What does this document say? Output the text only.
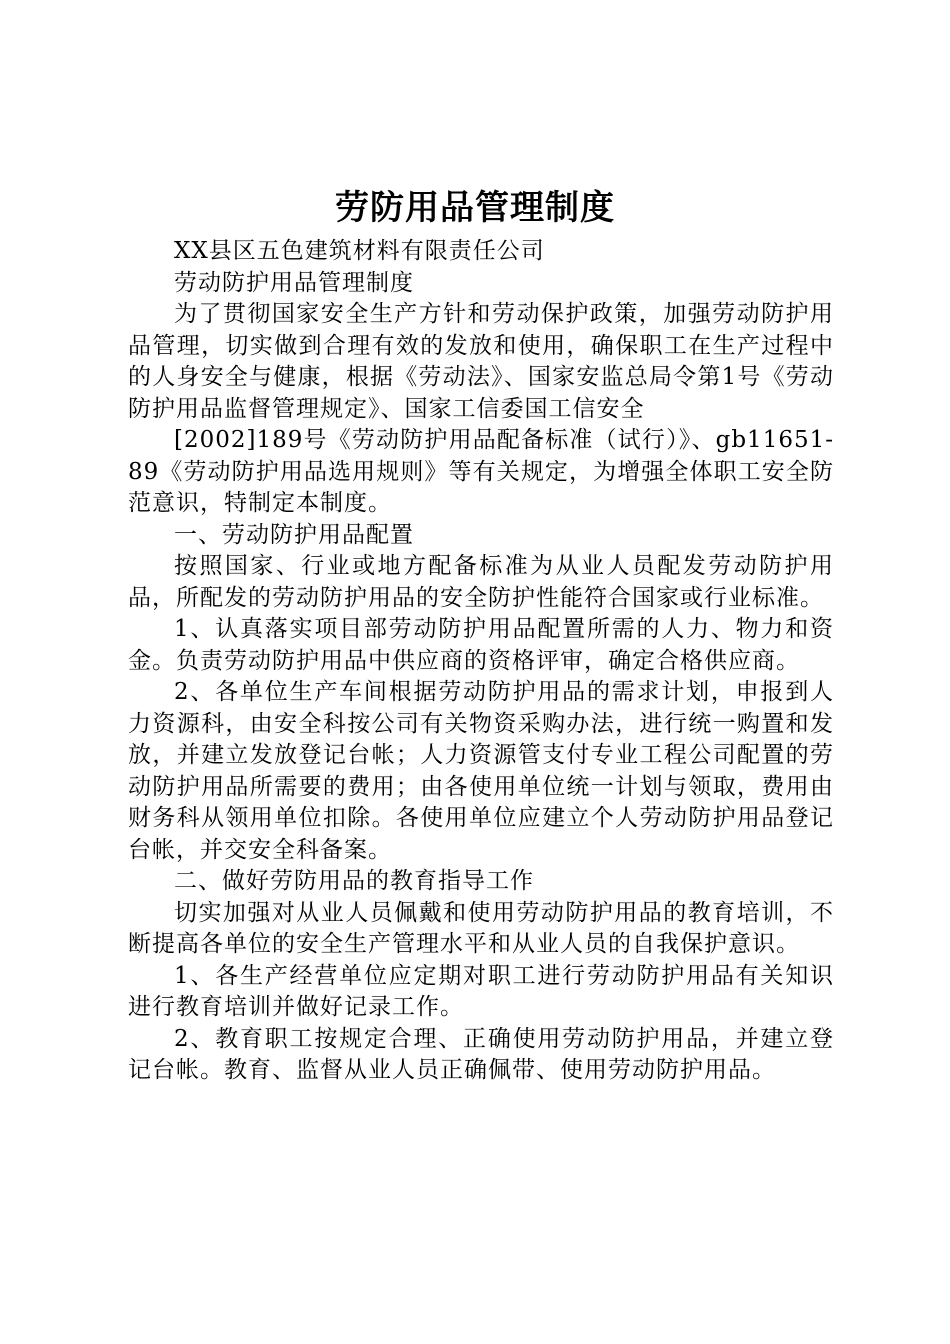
劳防用品管理制度

XX县区五色建筑材料有限责任公司

劳动防护用品管理制度

为了贯彻国家安全生产方针和劳动保护政策，加强劳动防护用品管理，切实做到合理有效的发放和使用，确保职工在生产过程中的人身安全与健康，根据《劳动法》、国家安监总局令第1号《劳动防护用品监督管理规定》、国家工信委国工信安全

[2002]189号《劳动防护用品配备标准（试行）》、gb11651-89《劳动防护用品选用规则》等有关规定，为增强全体职工安全防范意识，特制定本制度。

一、劳动防护用品配置

按照国家、行业或地方配备标准为从业人员配发劳动防护用品，所配发的劳动防护用品的安全防护性能符合国家或行业标准。

1、认真落实项目部劳动防护用品配置所需的人力、物力和资金。负责劳动防护用品中供应商的资格评审，确定合格供应商。

2、各单位生产车间根据劳动防护用品的需求计划，申报到人力资源科，由安全科按公司有关物资采购办法，进行统一购置和发放，并建立发放登记台帐；人力资源管支付专业工程公司配置的劳动防护用品所需要的费用；由各使用单位统一计划与领取，费用由财务科从领用单位扣除。各使用单位应建立个人劳动防护用品登记台帐，并交安全科备案。

二、做好劳防用品的教育指导工作

切实加强对从业人员佩戴和使用劳动防护用品的教育培训，不断提高各单位的安全生产管理水平和从业人员的自我保护意识。

1、各生产经营单位应定期对职工进行劳动防护用品有关知识进行教育培训并做好记录工作。

2、教育职工按规定合理、正确使用劳动防护用品，并建立登记台帐。教育、监督从业人员正确佩带、使用劳动防护用品。
